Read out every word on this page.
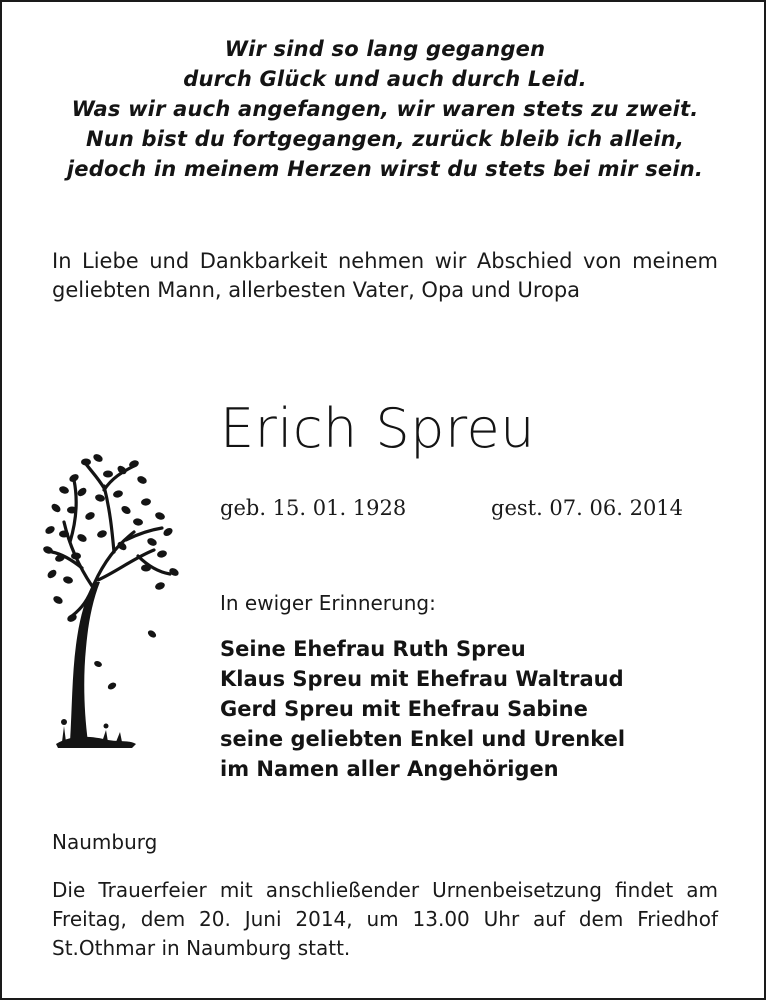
Wir sind so lang gegangen
durch Glück und auch durch Leid.
Was wir auch angefangen, wir waren stets zu zweit.
Nun bist du fortgegangen, zurück bleib ich allein,
jedoch in meinem Herzen wirst du stets bei mir sein.
In Liebe und Dankbarkeit nehmen wir Abschied von meinem geliebten Mann, allerbesten Vater, Opa und Uropa
Erich Spreu
geb. 15. 01. 1928	gest. 07. 06. 2014
In ewiger Erinnerung:
Seine Ehefrau Ruth Spreu
Klaus Spreu mit Ehefrau Waltraud
Gerd Spreu mit Ehefrau Sabine
seine geliebten Enkel und Urenkel
im Namen aller Angehörigen
Naumburg
Die Trauerfeier mit anschließender Urnenbeisetzung findet am Freitag, dem 20. Juni 2014, um 13.00 Uhr auf dem Friedhof St.Othmar in Naumburg statt.
